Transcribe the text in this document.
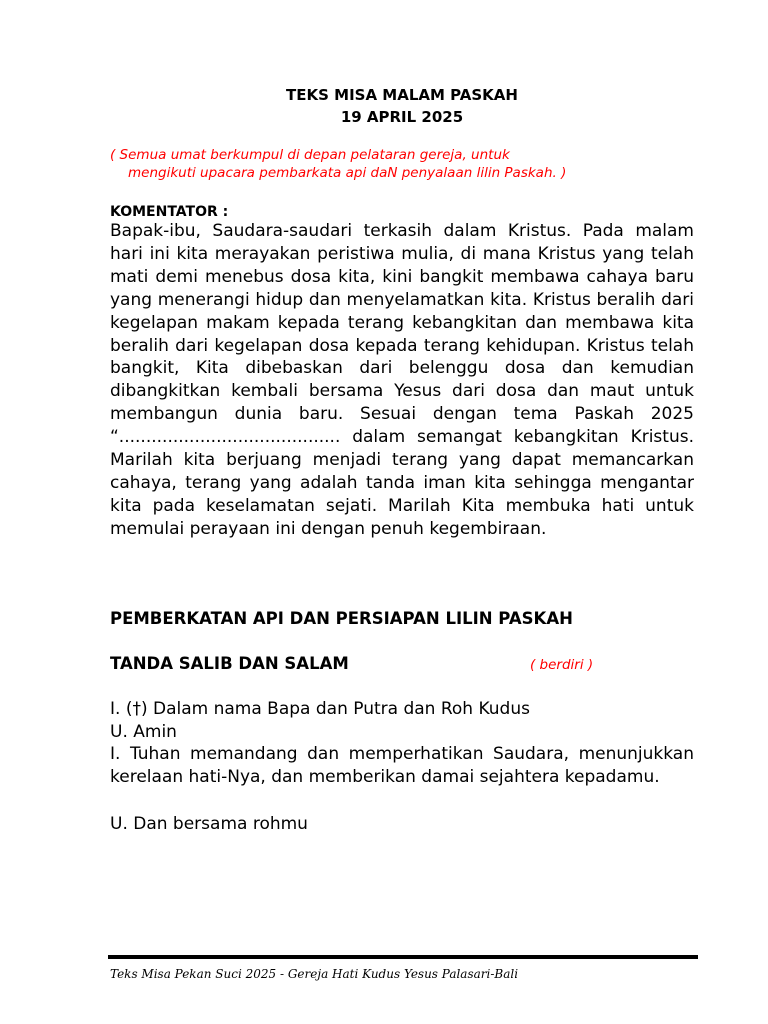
TEKS MISA MALAM PASKAH
19 APRIL 2025
( Semua umat berkumpul di depan pelataran gereja, untuk
mengikuti upacara pembarkata api daN penyalaan lilin Paskah. )
KOMENTATOR :
Bapak-ibu, Saudara-saudari terkasih dalam Kristus. Pada malam hari ini kita merayakan peristiwa mulia, di mana Kristus yang telah mati demi menebus dosa kita, kini bangkit membawa cahaya baru yang menerangi hidup dan menyelamatkan kita. Kristus beralih dari kegelapan makam kepada terang kebangkitan dan membawa kita beralih dari kegelapan dosa kepada terang kehidupan. Kristus telah bangkit, Kita dibebaskan dari belenggu dosa dan kemudian dibangkitkan kembali bersama Yesus dari dosa dan maut untuk membangun dunia baru. Sesuai dengan tema Paskah 2025 “......................................... dalam semangat kebangkitan Kristus. Marilah kita berjuang menjadi terang yang dapat memancarkan cahaya, terang yang adalah tanda iman kita sehingga mengantar kita pada keselamatan sejati. Marilah Kita membuka hati untuk memulai perayaan ini dengan penuh kegembiraan.
PEMBERKATAN API DAN PERSIAPAN LILIN PASKAH
TANDA SALIB DAN SALAM	( berdiri )
I. (†) Dalam nama Bapa dan Putra dan Roh Kudus
U. Amin
I. Tuhan memandang dan memperhatikan Saudara, menunjukkan kerelaan hati-Nya, dan memberikan damai sejahtera kepadamu.
U. Dan bersama rohmu
Teks Misa Pekan Suci 2025 - Gereja Hati Kudus Yesus Palasari-Bali
